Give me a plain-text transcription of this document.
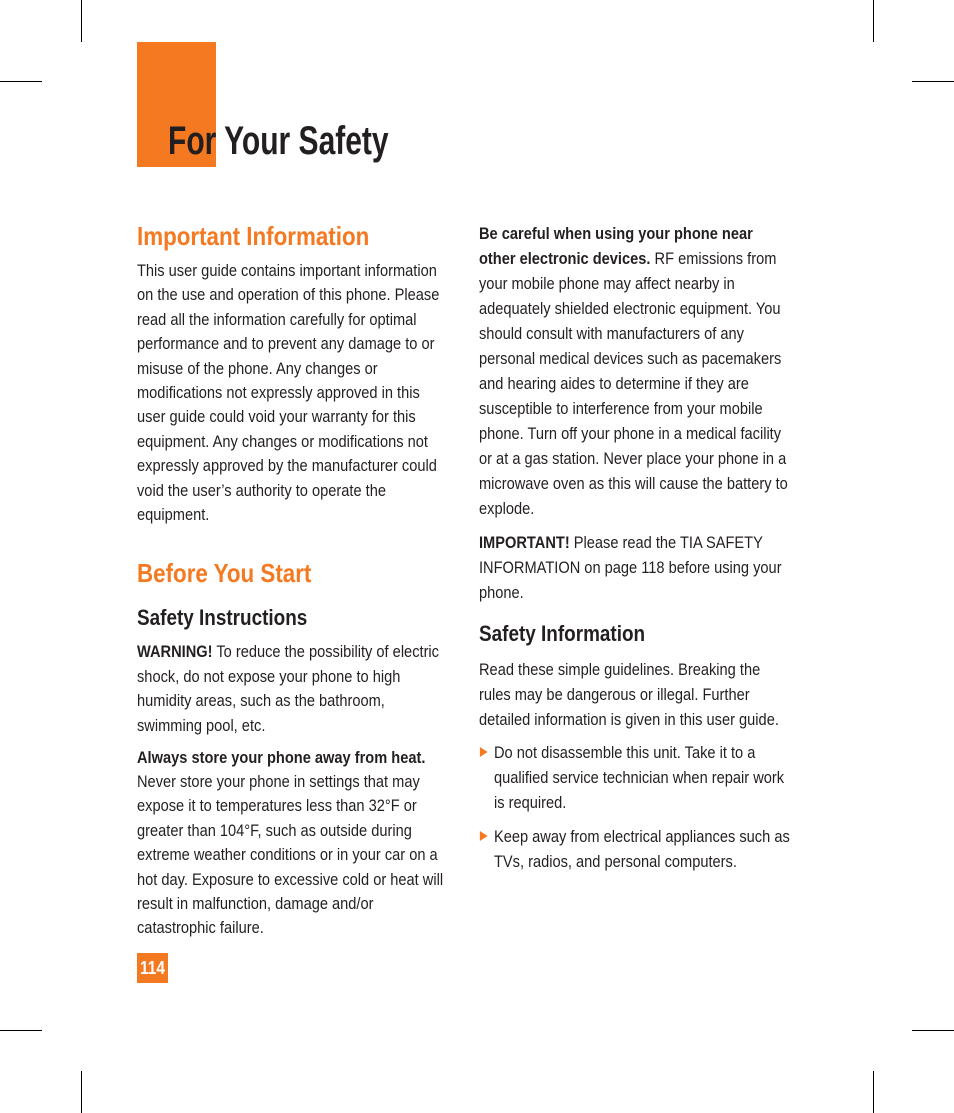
For Your Safety
Important Information

This user guide contains important information on the use and operation of this phone. Please read all the information carefully for optimal performance and to prevent any damage to or misuse of the phone. Any changes or modifications not expressly approved in this user guide could void your warranty for this equipment. Any changes or modifications not expressly approved by the manufacturer could void the user’s authority to operate the equipment.

Before You Start
Safety Instructions

WARNING! To reduce the possibility of electric shock, do not expose your phone to high humidity areas, such as the bathroom, swimming pool, etc.

Always store your phone away from heat. Never store your phone in settings that may expose it to temperatures less than 32°F or greater than 104°F, such as outside during extreme weather conditions or in your car on a hot day. Exposure to excessive cold or heat will result in malfunction, damage and/or catastrophic failure.

Be careful when using your phone near other electronic devices. RF emissions from your mobile phone may affect nearby in adequately shielded electronic equipment. You should consult with manufacturers of any personal medical devices such as pacemakers and hearing aides to determine if they are susceptible to interference from your mobile phone. Turn off your phone in a medical facility or at a gas station. Never place your phone in a microwave oven as this will cause the battery to explode.

IMPORTANT! Please read the TIA SAFETY INFORMATION on page 118 before using your phone.

Safety Information

Read these simple guidelines. Breaking the rules may be dangerous or illegal. Further detailed information is given in this user guide.

Do not disassemble this unit. Take it to a qualified service technician when repair work is required.
Keep away from electrical appliances such as TVs, radios, and personal computers.
114
